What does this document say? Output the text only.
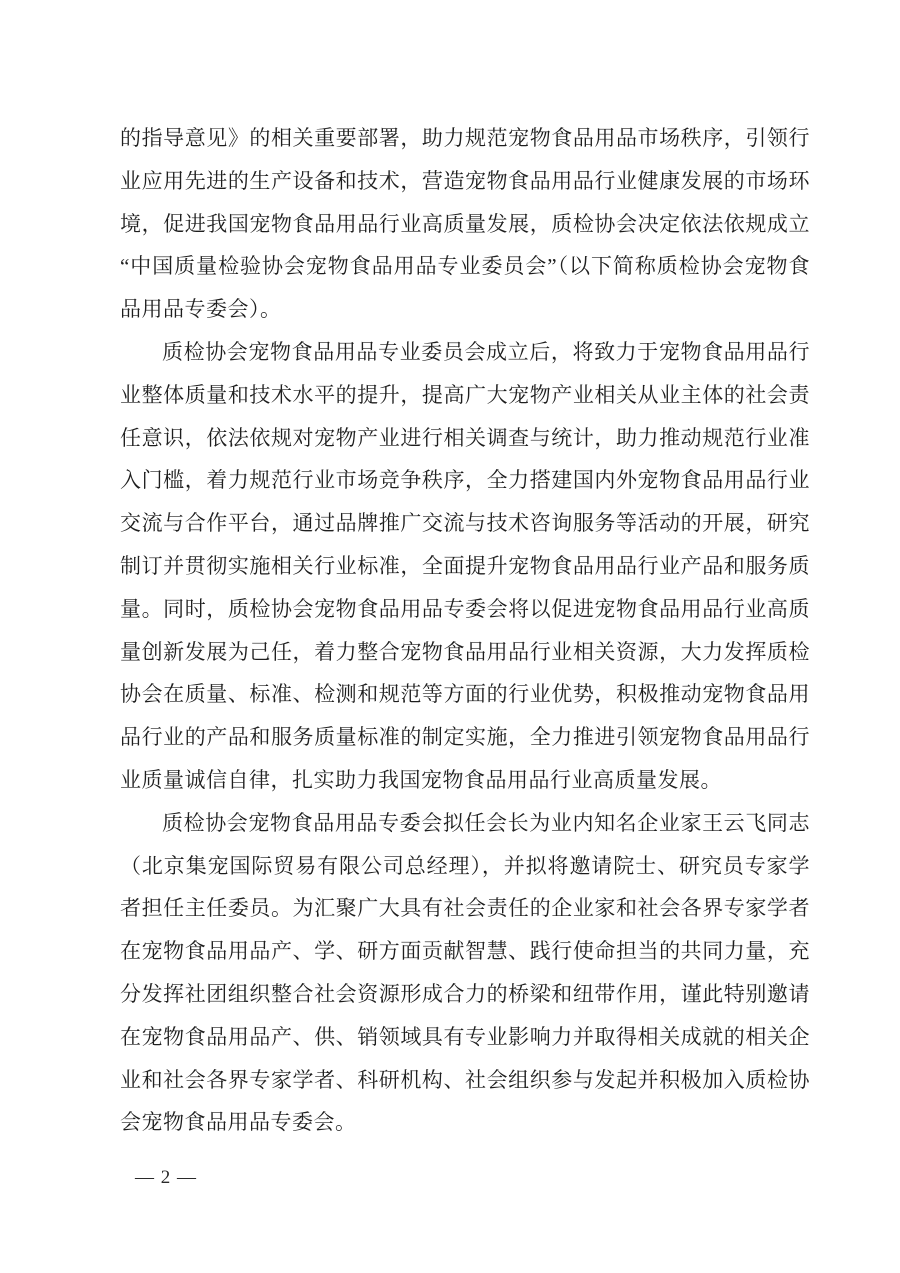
的指导意见》的相关重要部署，助力规范宠物食品用品市场秩序，引领行业应用先进的生产设备和技术，营造宠物食品用品行业健康发展的市场环境，促进我国宠物食品用品行业高质量发展，质检协会决定依法依规成立“中国质量检验协会宠物食品用品专业委员会”（以下简称质检协会宠物食品用品专委会）。

质检协会宠物食品用品专业委员会成立后，将致力于宠物食品用品行业整体质量和技术水平的提升，提高广大宠物产业相关从业主体的社会责任意识，依法依规对宠物产业进行相关调查与统计，助力推动规范行业准入门槛，着力规范行业市场竞争秩序，全力搭建国内外宠物食品用品行业交流与合作平台，通过品牌推广交流与技术咨询服务等活动的开展，研究制订并贯彻实施相关行业标准，全面提升宠物食品用品行业产品和服务质量。同时，质检协会宠物食品用品专委会将以促进宠物食品用品行业高质量创新发展为己任，着力整合宠物食品用品行业相关资源，大力发挥质检协会在质量、标准、检测和规范等方面的行业优势，积极推动宠物食品用品行业的产品和服务质量标准的制定实施，全力推进引领宠物食品用品行业质量诚信自律，扎实助力我国宠物食品用品行业高质量发展。

质检协会宠物食品用品专委会拟任会长为业内知名企业家王云飞同志（北京集宠国际贸易有限公司总经理），并拟将邀请院士、研究员专家学者担任主任委员。为汇聚广大具有社会责任的企业家和社会各界专家学者在宠物食品用品产、学、研方面贡献智慧、践行使命担当的共同力量，充分发挥社团组织整合社会资源形成合力的桥梁和纽带作用，谨此特别邀请在宠物食品用品产、供、销领域具有专业影响力并取得相关成就的相关企业和社会各界专家学者、科研机构、社会组织参与发起并积极加入质检协会宠物食品用品专委会。

— 2 —
